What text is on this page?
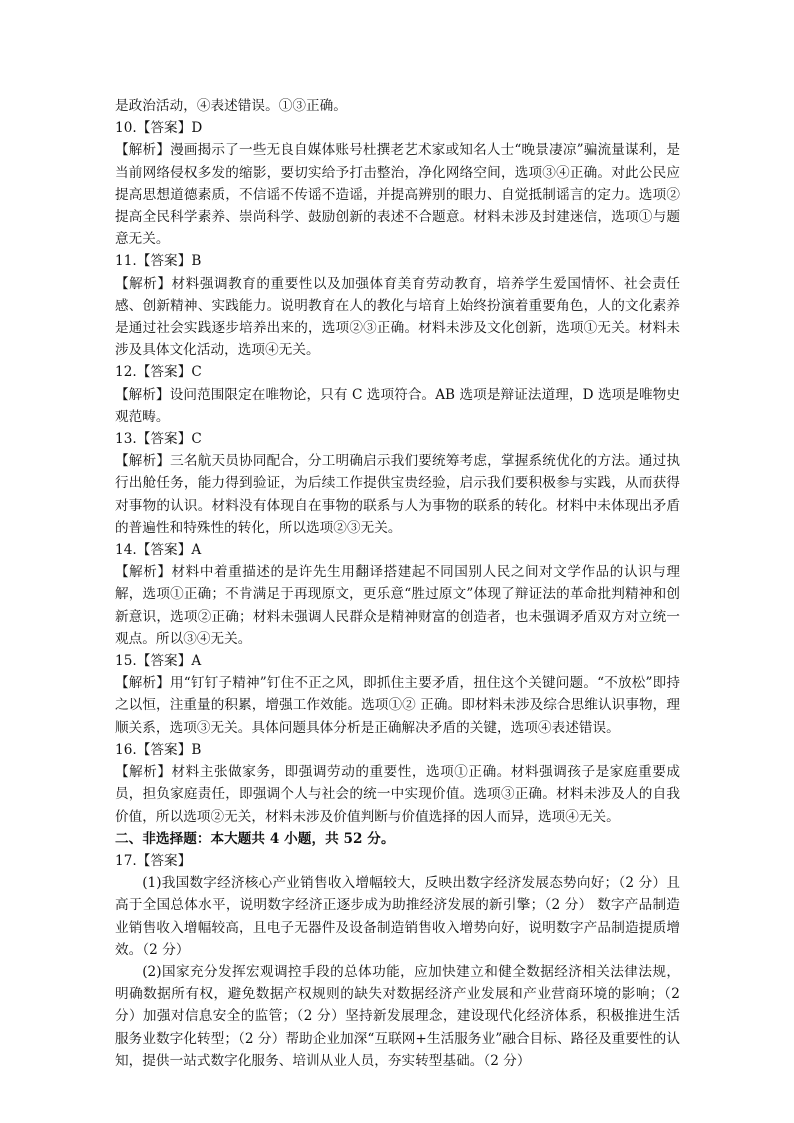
是政治活动，④表述错误。①③正确。

10.【答案】D

【解析】漫画揭示了一些无良自媒体账号杜撰老艺术家或知名人士“晚景凄凉”骗流量谋利，是当前网络侵权多发的缩影，要切实给予打击整治，净化网络空间，选项③④正确。对此公民应提高思想道德素质，不信谣不传谣不造谣，并提高辨别的眼力、自觉抵制谣言的定力。选项②提高全民科学素养、崇尚科学、鼓励创新的表述不合题意。材料未涉及封建迷信，选项①与题意无关。

11.【答案】B

【解析】材料强调教育的重要性以及加强体育美育劳动教育，培养学生爱国情怀、社会责任感、创新精神、实践能力。说明教育在人的教化与培育上始终扮演着重要角色，人的文化素养是通过社会实践逐步培养出来的，选项②③正确。材料未涉及文化创新，选项①无关。材料未涉及具体文化活动，选项④无关。

12.【答案】C

【解析】设问范围限定在唯物论，只有 C 选项符合。AB 选项是辩证法道理，D 选项是唯物史观范畴。

13.【答案】C

【解析】三名航天员协同配合，分工明确启示我们要统筹考虑，掌握系统优化的方法。通过执行出舱任务，能力得到验证，为后续工作提供宝贵经验，启示我们要积极参与实践，从而获得对事物的认识。材料没有体现自在事物的联系与人为事物的联系的转化。材料中未体现出矛盾的普遍性和特殊性的转化，所以选项②③无关。

14.【答案】A

【解析】材料中着重描述的是许先生用翻译搭建起不同国别人民之间对文学作品的认识与理解，选项①正确；不肯满足于再现原文，更乐意“胜过原文”体现了辩证法的革命批判精神和创新意识，选项②正确；材料未强调人民群众是精神财富的创造者，也未强调矛盾双方对立统一观点。所以③④无关。

15.【答案】A

【解析】用“钉钉子精神”钉住不正之风，即抓住主要矛盾，扭住这个关键问题。“不放松”即持之以恒，注重量的积累，增强工作效能。选项①② 正确。即材料未涉及综合思维认识事物，理顺关系，选项③无关。具体问题具体分析是正确解决矛盾的关键，选项④表述错误。

16.【答案】B

【解析】材料主张做家务，即强调劳动的重要性，选项①正确。材料强调孩子是家庭重要成员，担负家庭责任，即强调个人与社会的统一中实现价值。选项③正确。材料未涉及人的自我价值，所以选项②无关，材料未涉及价值判断与价值选择的因人而异，选项④无关。

二、非选择题：本大题共 4 小题，共 52 分。

17.【答案】

(1)我国数字经济核心产业销售收入增幅较大，反映出数字经济发展态势向好；（2 分）且高于全国总体水平，说明数字经济正逐步成为助推经济发展的新引擎；（2 分） 数字产品制造业销售收入增幅较高，且电子无器件及设备制造销售收入增势向好，说明数字产品制造提质增效。（2 分）

(2)国家充分发挥宏观调控手段的总体功能，应加快建立和健全数据经济相关法律法规，明确数据所有权，避免数据产权规则的缺失对数据经济产业发展和产业营商环境的影响；（2 分）加强对信息安全的监管；（2 分）坚持新发展理念，建设现代化经济体系，积极推进生活服务业数字化转型；（2 分）帮助企业加深“互联网+生活服务业”融合目标、路径及重要性的认知，提供一站式数字化服务、培训从业人员，夯实转型基础。（2 分）
